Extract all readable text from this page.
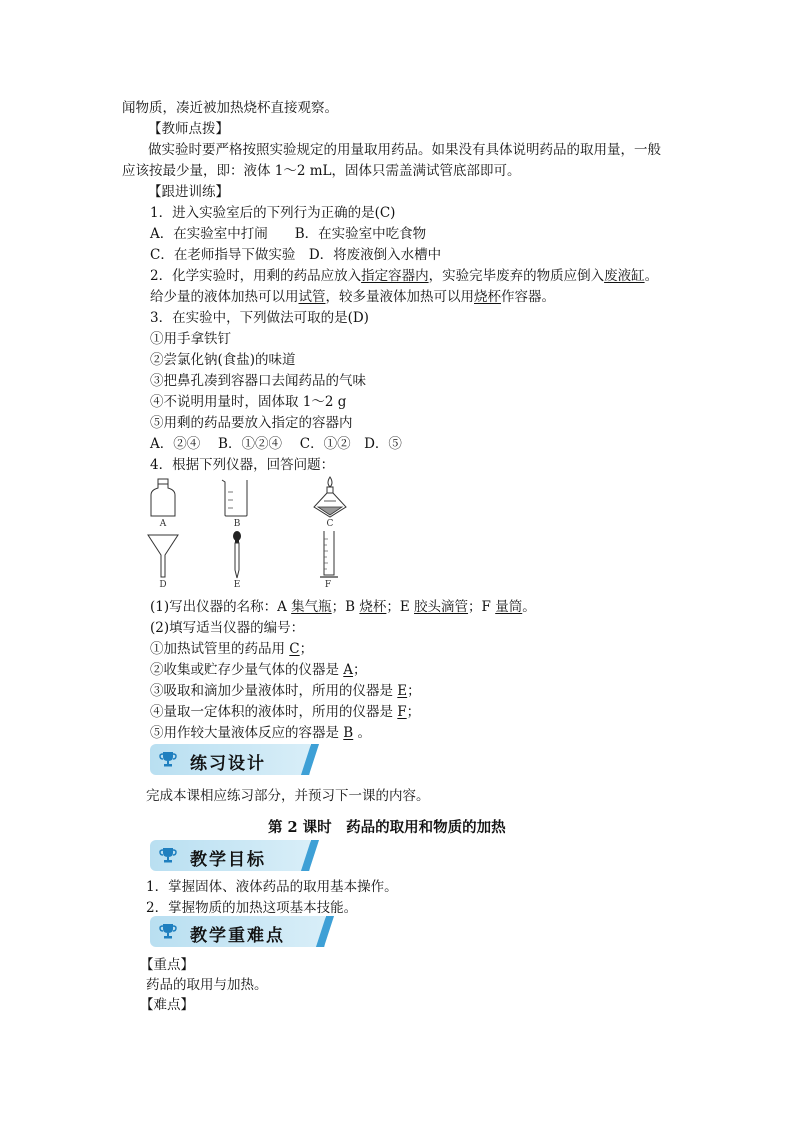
闻物质，凑近被加热烧杯直接观察。
【教师点拨】
做实验时要严格按照实验规定的用量取用药品。如果没有具体说明药品的取用量，一般
应该按最少量，即：液体 1～2 mL，固体只需盖满试管底部即可。
【跟进训练】
1．进入实验室后的下列行为正确的是(C)
A．在实验室中打闹　　B．在实验室中吃食物
C．在老师指导下做实验　D．将废液倒入水槽中
2．化学实验时，用剩的药品应放入指定容器内，实验完毕废弃的物质应倒入废液缸。
给少量的液体加热可以用试管，较多量液体加热可以用烧杯作容器。
3．在实验中，下列做法可取的是(D)
①用手拿铁钉
②尝氯化钠(食盐)的味道
③把鼻孔凑到容器口去闻药品的气味
④不说明用量时，固体取 1～2 g
⑤用剩的药品要放入指定的容器内
A．②④　 B．①②④　 C．①②　D．⑤
4．根据下列仪器，回答问题：
A	B	C
D	E	F
(1)写出仪器的名称：A 集气瓶；B 烧杯；E 胶头滴管；F 量筒。
(2)填写适当仪器的编号：
①加热试管里的药品用 C；
②收集或贮存少量气体的仪器是 A；
③吸取和滴加少量液体时，所用的仪器是 E；
④量取一定体积的液体时，所用的仪器是 F；
⑤用作较大量液体反应的容器是 B 。
练习设计
完成本课相应练习部分，并预习下一课的内容。
第 2 课时　药品的取用和物质的加热
教学目标
1．掌握固体、液体药品的取用基本操作。
2．掌握物质的加热这项基本技能。
教学重难点
【重点】
药品的取用与加热。
【难点】
